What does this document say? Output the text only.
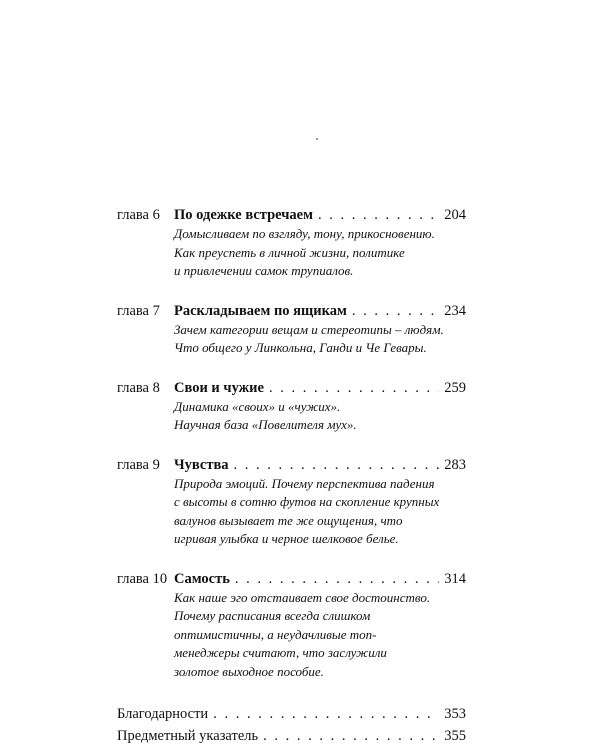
глава 6 По одежке встречаем . . .	204
Домысливаем по взгляду, тону, прикосновению.
Как преуспеть в личной жизни, политике
и привлечении самок трупиалов.
глава 7 Раскладываем по ящикам . . .	234
Зачем категории вещам и стереотипы – людям.
Что общего у Линкольна, Ганди и Че Гевары.
глава 8 Свои и чужие . . .	259
Динамика «своих» и «чужих».
Научная база «Повелителя мух».
глава 9 Чувства . . .	283
Природа эмоций. Почему перспектива падения
с высоты в сотню футов на скопление крупных
валунов вызывает те же ощущения, что
игривая улыбка и черное шелковое белье.
глава 10 Самость . . .	314
Как наше эго отстаивает свое достоинство.
Почему расписания всегда слишком
оптимистичны, а неудачливые топ-
менеджеры считают, что заслужили
золотое выходное пособие.
Благодарности . . .	353
Предметный указатель . . .	355
